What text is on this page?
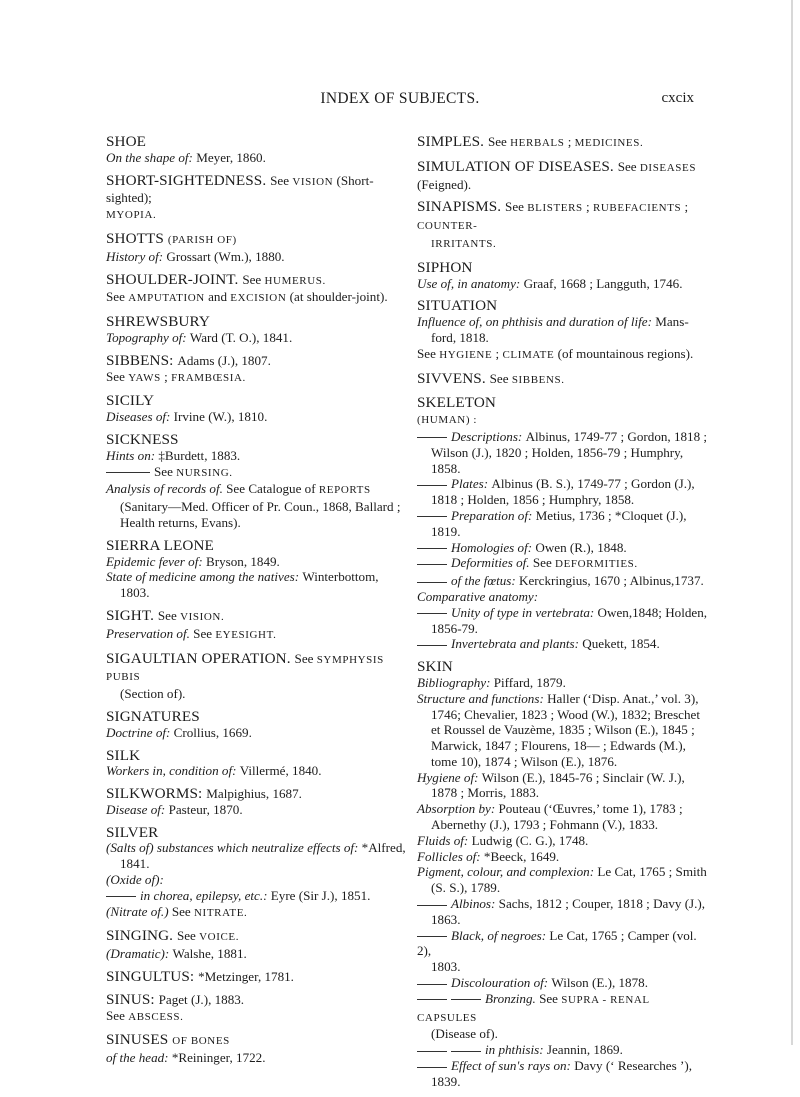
INDEX OF SUBJECTS.	cxcix
SHOE
On the shape of: Meyer, 1860.
SHORT-SIGHTEDNESS. See VISION (Short-sighted);
MYOPIA.
SHOTTS (PARISH OF)
History of: Grossart (Wm.), 1880.
SHOULDER-JOINT. See HUMERUS.
See AMPUTATION and EXCISION (at shoulder-joint).
SHREWSBURY
Topography of: Ward (T. O.), 1841.
SIBBENS: Adams (J.), 1807.
See YAWS ; FRAMBŒSIA.
SICILY
Diseases of: Irvine (W.), 1810.
SICKNESS
Hints on: ‡Burdett, 1883.
See NURSING.
Analysis of records of. See Catalogue of REPORTS
(Sanitary—Med. Officer of Pr. Coun., 1868, Ballard ;
Health returns, Evans).
SIERRA LEONE
Epidemic fever of: Bryson, 1849.
State of medicine among the natives: Winterbottom,
1803.
SIGHT. See VISION.
Preservation of. See EYESIGHT.
SIGAULTIAN OPERATION. See SYMPHYSIS PUBIS
(Section of).
SIGNATURES
Doctrine of: Crollius, 1669.
SILK
Workers in, condition of: Villermé, 1840.
SILKWORMS: Malpighius, 1687.
Disease of: Pasteur, 1870.
SILVER
(Salts of) substances which neutralize effects of: *Alfred,
1841.
(Oxide of):
in chorea, epilepsy, etc.: Eyre (Sir J.), 1851.
(Nitrate of.) See NITRATE.
SINGING. See VOICE.
(Dramatic): Walshe, 1881.
SINGULTUS: *Metzinger, 1781.
SINUS: Paget (J.), 1883.
See ABSCESS.
SINUSES OF BONES
of the head: *Reininger, 1722.
SIMPLES. See HERBALS ; MEDICINES.
SIMULATION OF DISEASES. See DISEASES (Feigned).
SINAPISMS. See BLISTERS ; RUBEFACIENTS ; COUNTER-
IRRITANTS.
SIPHON
Use of, in anatomy: Graaf, 1668 ; Langguth, 1746.
SITUATION
Influence of, on phthisis and duration of life: Mans-
ford, 1818.
See HYGIENE ; CLIMATE (of mountainous regions).
SIVVENS. See SIBBENS.
SKELETON
(HUMAN) :
Descriptions: Albinus, 1749-77 ; Gordon, 1818 ;
Wilson (J.), 1820 ; Holden, 1856-79 ; Humphry,
1858.
Plates: Albinus (B. S.), 1749-77 ; Gordon (J.),
1818 ; Holden, 1856 ; Humphry, 1858.
Preparation of: Metius, 1736 ; *Cloquet (J.),
1819.
Homologies of: Owen (R.), 1848.
Deformities of. See DEFORMITIES.
of the fœtus: Kerckringius, 1670 ; Albinus,1737.
Comparative anatomy:
Unity of type in vertebrata: Owen,1848; Holden,
1856-79.
Invertebrata and plants: Quekett, 1854.
SKIN
Bibliography: Piffard, 1879.
Structure and functions: Haller (‘Disp. Anat.,’ vol. 3),
1746; Chevalier, 1823 ; Wood (W.), 1832; Breschet
et Roussel de Vauzème, 1835 ; Wilson (E.), 1845 ;
Marwick, 1847 ; Flourens, 18— ; Edwards (M.),
tome 10), 1874 ; Wilson (E.), 1876.
Hygiene of: Wilson (E.), 1845-76 ; Sinclair (W. J.),
1878 ; Morris, 1883.
Absorption by: Pouteau (‘Œuvres,’ tome 1), 1783 ;
Abernethy (J.), 1793 ; Fohmann (V.), 1833.
Fluids of: Ludwig (C. G.), 1748.
Follicles of: *Beeck, 1649.
Pigment, colour, and complexion: Le Cat, 1765 ; Smith
(S. S.), 1789.
Albinos: Sachs, 1812 ; Couper, 1818 ; Davy (J.),
1863.
Black, of negroes: Le Cat, 1765 ; Camper (vol. 2),
1803.
Discolouration of: Wilson (E.), 1878.
Bronzing. See SUPRA - RENAL CAPSULES
(Disease of).
in phthisis: Jeannin, 1869.
Effect of sun's rays on: Davy (‘ Researches ’),
1839.
